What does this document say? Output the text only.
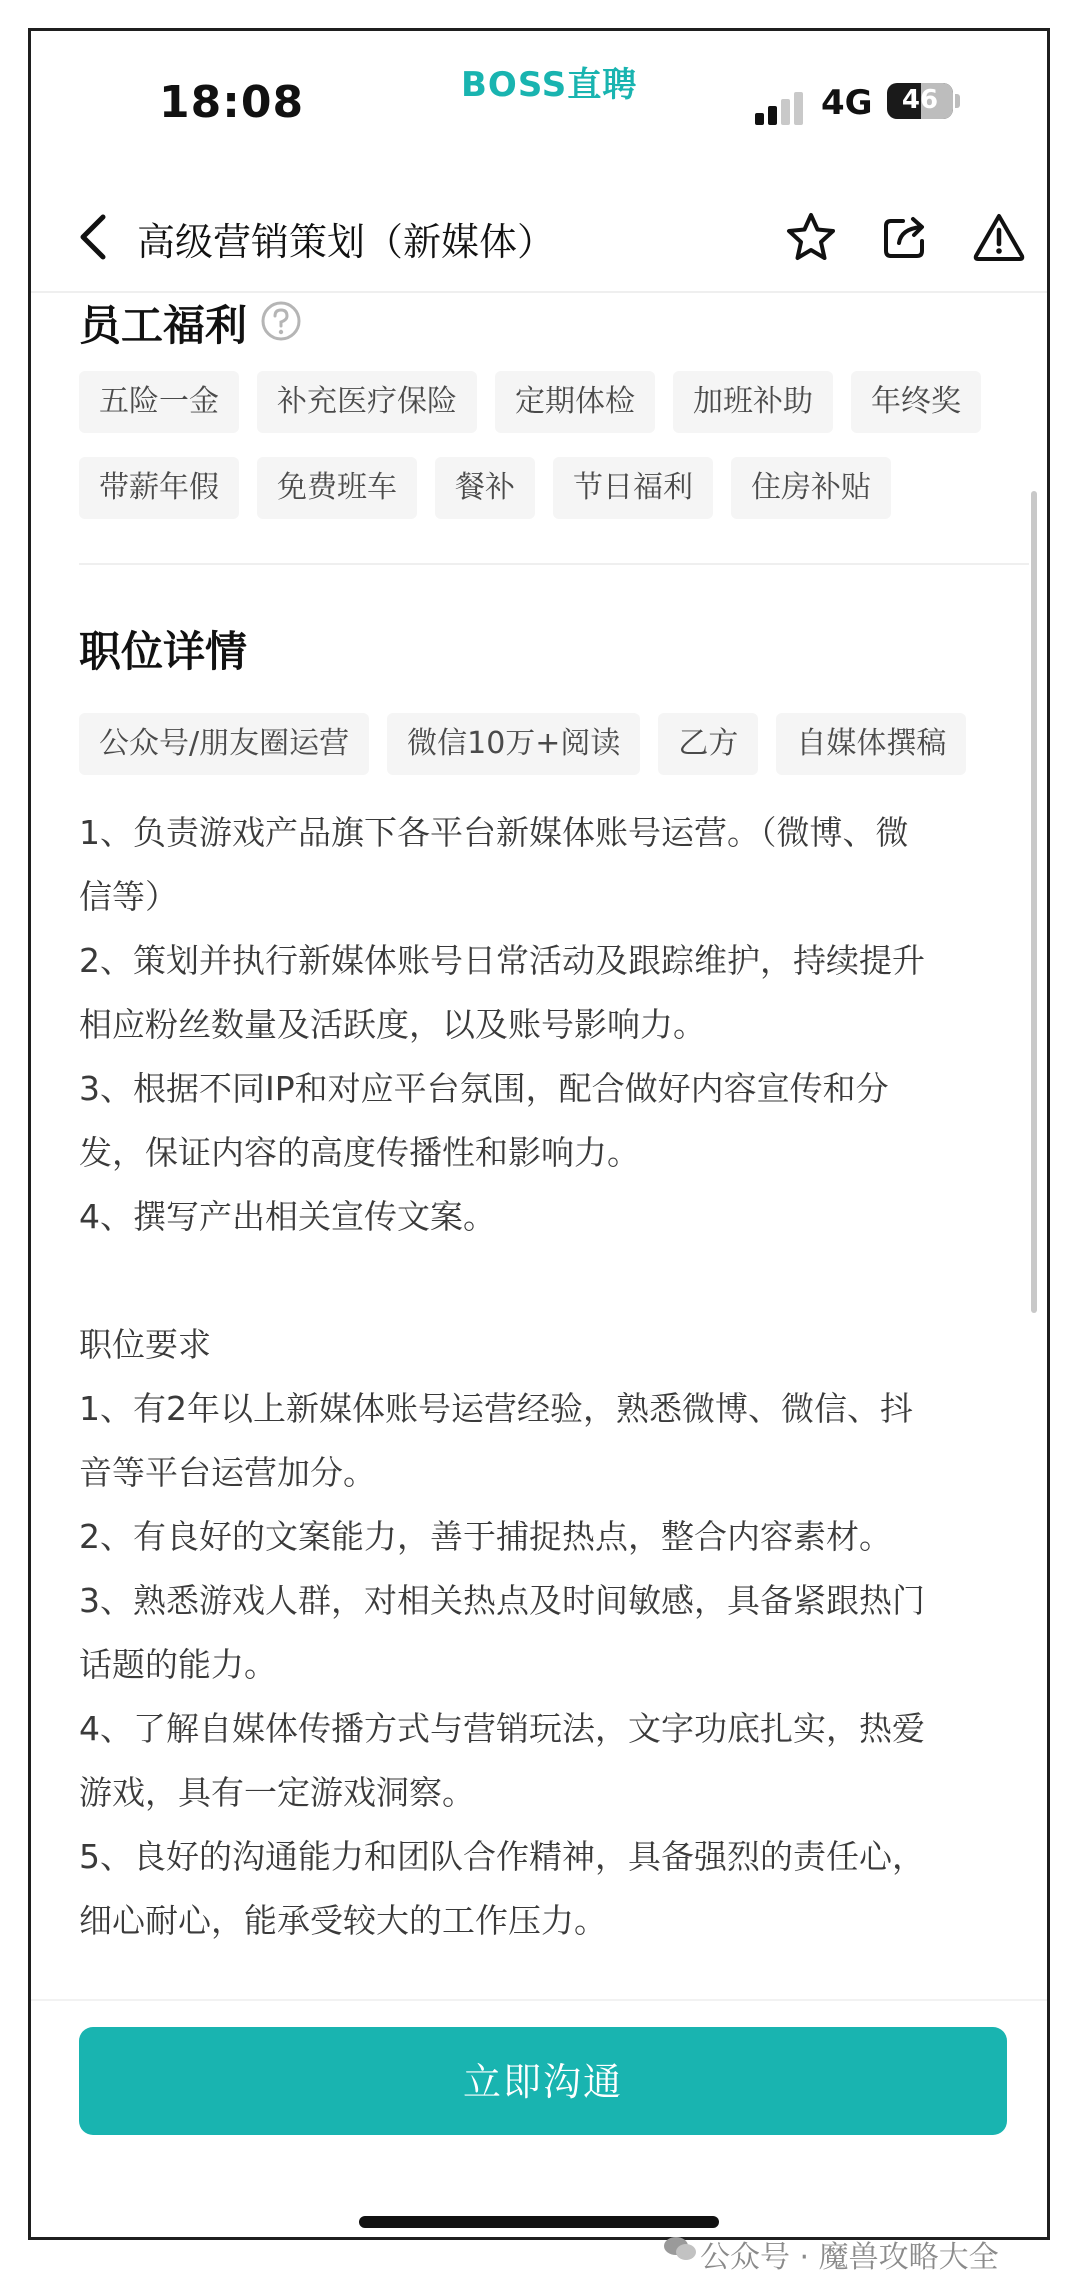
18:08	BOSS直聘	4G	46
高级营销策划（新媒体）
员工福利
五险一金	补充医疗保险	定期体检	加班补助	年终奖
带薪年假	免费班车	餐补	节日福利	住房补贴
职位详情
公众号/朋友圈运营	微信10万+阅读	乙方	自媒体撰稿
1、负责游戏产品旗下各平台新媒体账号运营。（微博、微
信等）
2、策划并执行新媒体账号日常活动及跟踪维护，持续提升
相应粉丝数量及活跃度，以及账号影响力。
3、根据不同IP和对应平台氛围，配合做好内容宣传和分
发，保证内容的高度传播性和影响力。
4、撰写产出相关宣传文案。
职位要求
1、有2年以上新媒体账号运营经验，熟悉微博、微信、抖
音等平台运营加分。
2、有良好的文案能力，善于捕捉热点，整合内容素材。
3、熟悉游戏人群，对相关热点及时间敏感，具备紧跟热门
话题的能力。
4、了解自媒体传播方式与营销玩法，文字功底扎实，热爱
游戏，具有一定游戏洞察。
5、良好的沟通能力和团队合作精神，具备强烈的责任心，
细心耐心，能承受较大的工作压力。
立即沟通
公众号 · 魔兽攻略大全
